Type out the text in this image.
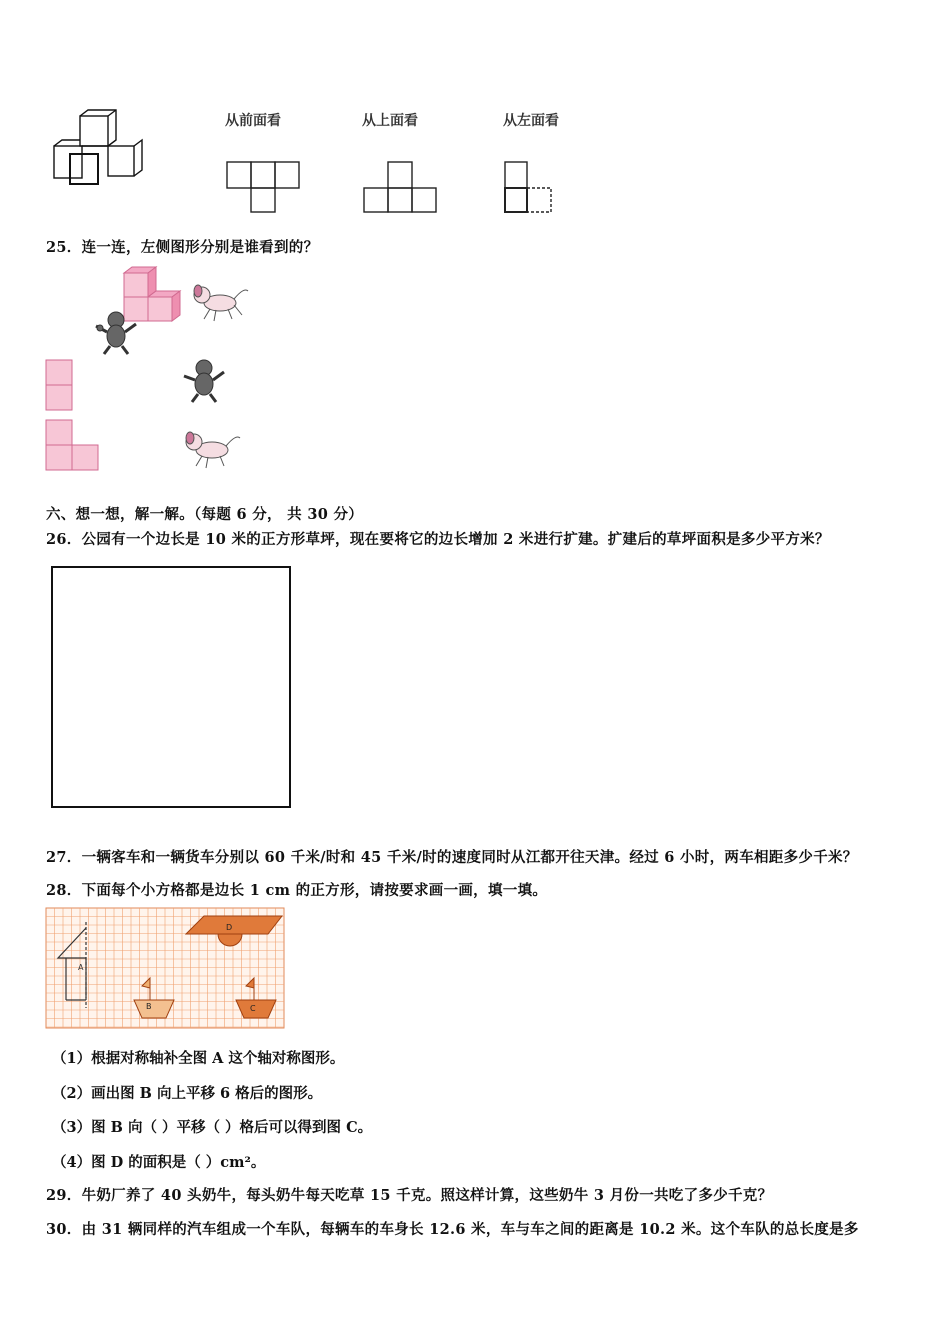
从前面看	从上面看	从左面看
25．连一连，左侧图形分别是谁看到的？
六、想一想，解一解。（每题 6 分， 共 30 分）
26．公园有一个边长是 10 米的正方形草坪，现在要将它的边长增加 2 米进行扩建。扩建后的草坪面积是多少平方米？
27．一辆客车和一辆货车分别以 60 千米/时和 45 千米/时的速度同时从江都开往天津。经过 6 小时，两车相距多少千米？
28．下面每个小方格都是边长 1 cm 的正方形，请按要求画一画，填一填。
A
D
B	C
（1）根据对称轴补全图 A 这个轴对称图形。
（2）画出图 B 向上平移 6 格后的图形。
（3）图 B 向（ ）平移（ ）格后可以得到图 C。
（4）图 D 的面积是（ ）cm²。
29．牛奶厂养了 40 头奶牛，每头奶牛每天吃草 15 千克。照这样计算，这些奶牛 3 月份一共吃了多少千克？
30．由 31 辆同样的汽车组成一个车队，每辆车的车身长 12.6 米，车与车之间的距离是 10.2 米。这个车队的总长度是多
